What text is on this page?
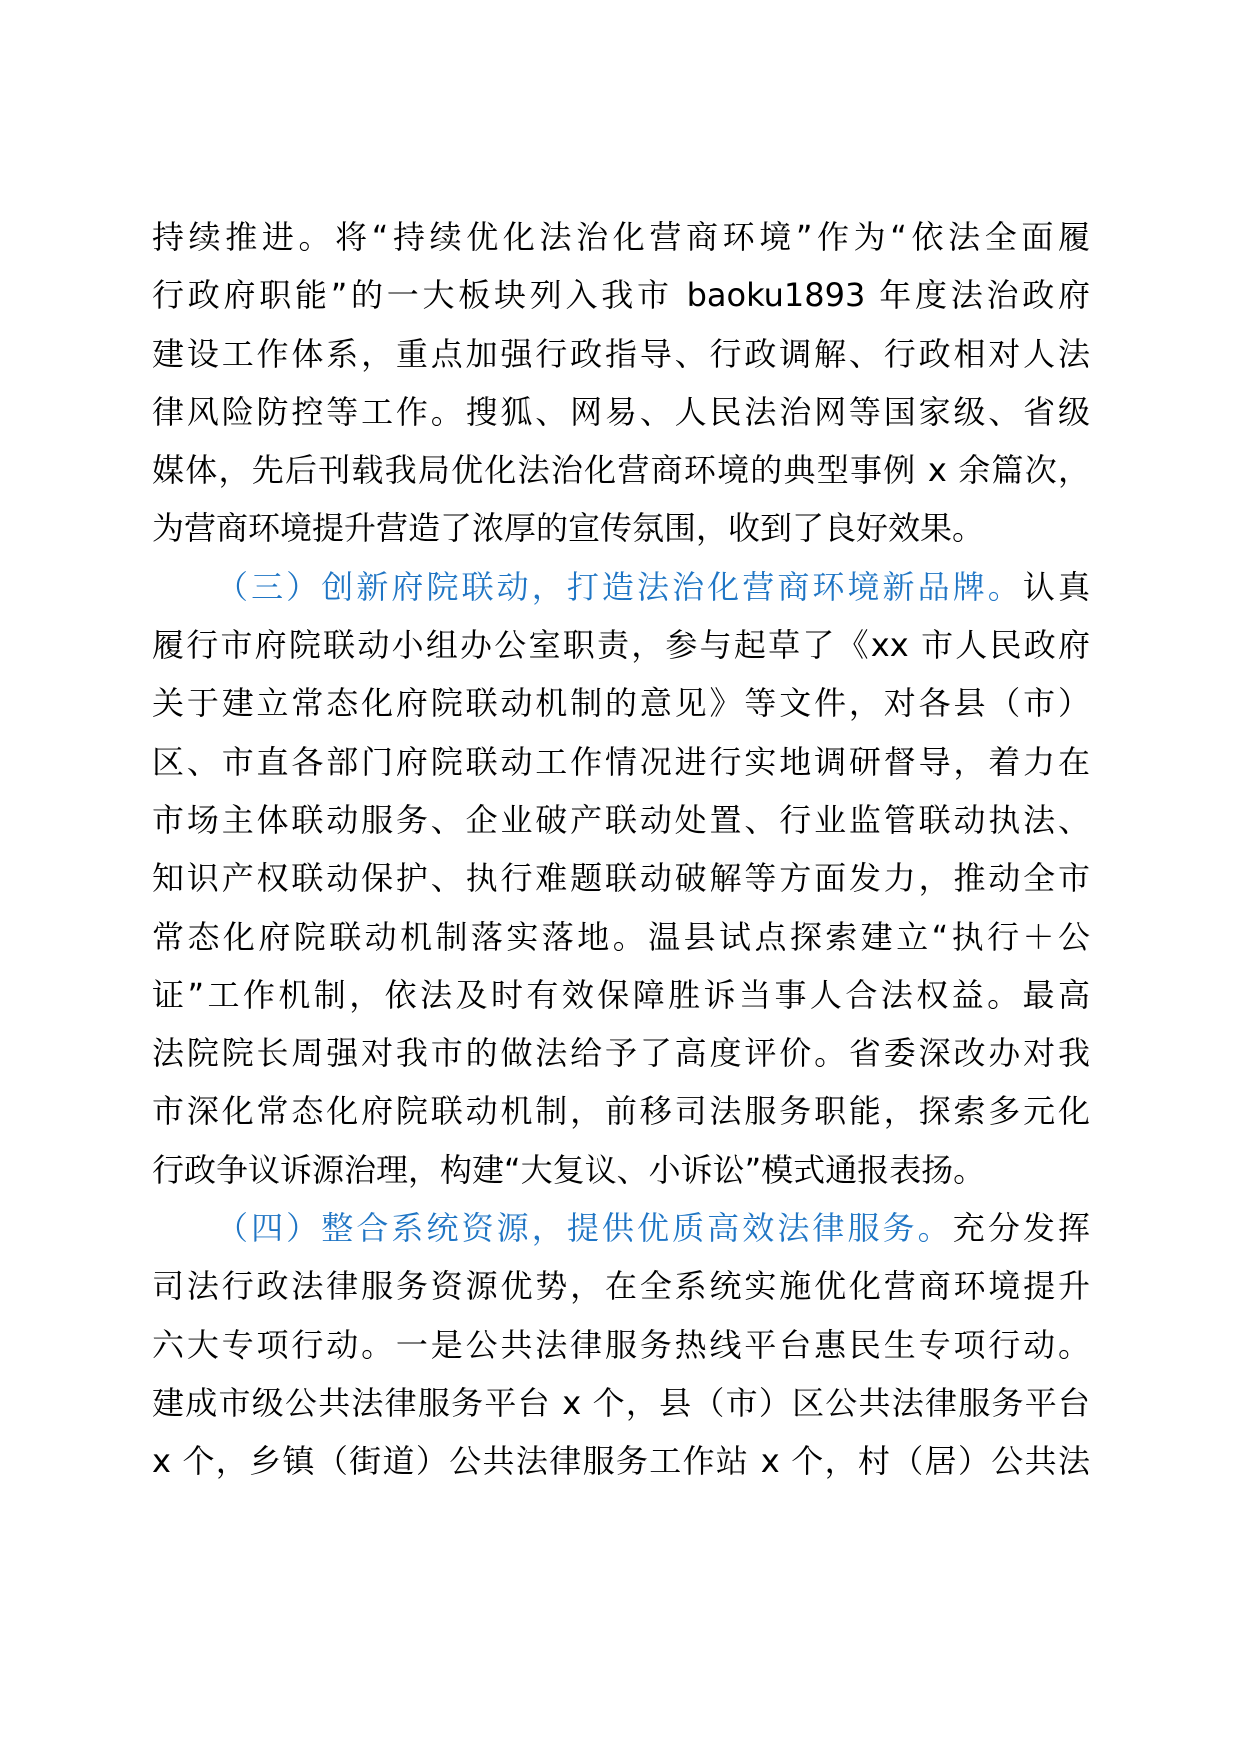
持续推进。将“持续优化法治化营商环境”作为“依法全面履
行政府职能”的一大板块列入我市 baoku1893 年度法治政府
建设工作体系，重点加强行政指导、行政调解、行政相对人法
律风险防控等工作。搜狐、网易、人民法治网等国家级、省级
媒体，先后刊载我局优化法治化营商环境的典型事例 x 余篇次，
为营商环境提升营造了浓厚的宣传氛围，收到了良好效果。
（三）创新府院联动，打造法治化营商环境新品牌。认真
履行市府院联动小组办公室职责，参与起草了《xx 市人民政府
关于建立常态化府院联动机制的意见》等文件，对各县（市）
区、市直各部门府院联动工作情况进行实地调研督导，着力在
市场主体联动服务、企业破产联动处置、行业监管联动执法、
知识产权联动保护、执行难题联动破解等方面发力，推动全市
常态化府院联动机制落实落地。温县试点探索建立“执行＋公
证”工作机制，依法及时有效保障胜诉当事人合法权益。最高
法院院长周强对我市的做法给予了高度评价。省委深改办对我
市深化常态化府院联动机制，前移司法服务职能，探索多元化
行政争议诉源治理，构建“大复议、小诉讼”模式通报表扬。
（四）整合系统资源，提供优质高效法律服务。充分发挥
司法行政法律服务资源优势，在全系统实施优化营商环境提升
六大专项行动。一是公共法律服务热线平台惠民生专项行动。
建成市级公共法律服务平台 x 个，县（市）区公共法律服务平台
x 个，乡镇（街道）公共法律服务工作站 x 个，村（居）公共法
